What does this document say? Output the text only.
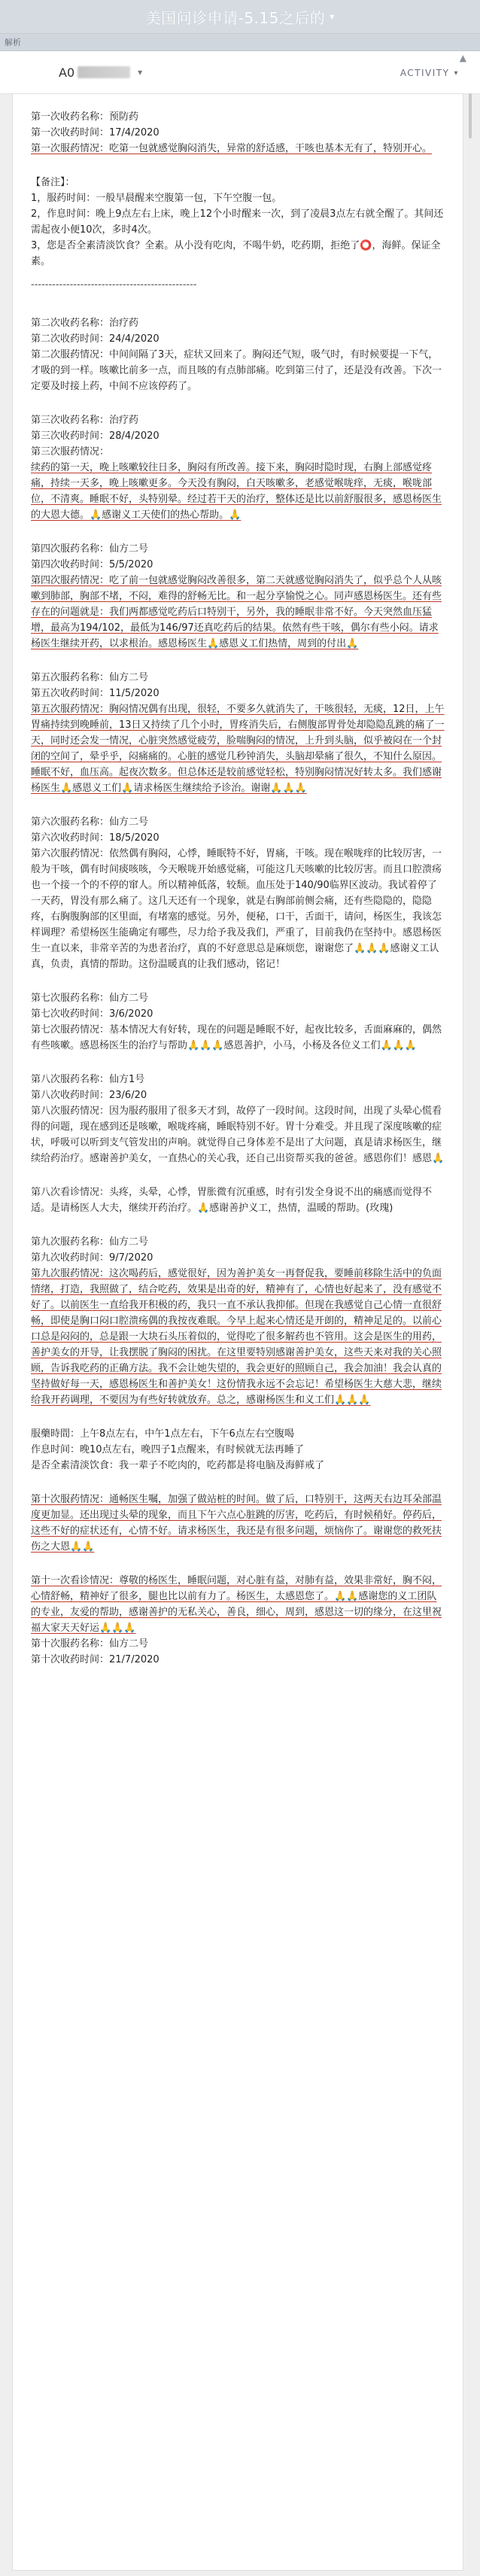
美国问诊申请-5.15之后的 ▾
解析
A0	▾
▲
ACTIVITY ▾
第一次收药名称：预防药
第一次收药时间：17/4/2020
第一次服药情况：吃第一包就感觉胸闷消失，异常的舒适感，干咳也基本无有了，特别开心。
【备注】：
1，服药时间：一般早晨醒来空腹第一包，下午空腹一包。
2，作息时间：晚上9点左右上床，晚上12个小时醒来一次，到了凌晨3点左右就全醒了。其间还需起夜小便10次，多时4次。
3，您是否全素清淡饮食？全素。从小没有吃肉，不喝牛奶，吃药期，拒绝了⭕，海鲜。保证全素。
-----------------------------------------------
第二次收药名称：治疗药
第二次收药时间：24/4/2020
第二次服药情况：中间间隔了3天，症状又回来了。胸闷还气短，吸气时，有时候要提一下气，才吸的到一样。咳嗽比前多一点，而且咳的有点肺部痛。吃到第三付了，还是没有改善。下次一定要及时接上药，中间不应该停药了。
第三次收药名称：治疗药
第三次收药时间：28/4/2020
第三次服药情况：
续药的第一天，晚上咳嗽较往日多，胸闷有所改善。接下来，胸闷时隐时现，右胸上部感觉疼痛，持续一天多，晚上咳嗽更多。今天没有胸闷，白天咳嗽多，老感觉喉咙痒，无痰，喉咙部位，不清爽。睡眠不好，头特别晕。经过若干天的治疗，整体还是比以前舒服很多，感恩杨医生的大恩大德。🙏感谢义工天使们的热心帮助。🙏
第四次服药名称：仙方二号
第四次收药时间：5/5/2020
第四次服药情况：吃了前一包就感觉胸闷改善很多，第二天就感觉胸闷消失了，似乎总个人从咳嗽到肺部，胸部不堵，不闷，难得的舒畅无比。和一起分享愉悦之心。同声感恩杨医生。还有些存在的问题就是：我们两都感觉吃药后口特别干，另外，我的睡眠非常不好。今天突然血压猛增，最高为194/102，最低为146/97还真吃药后的结果。依然有些干咳，偶尔有些小闷。请求杨医生继续开药，以求根治。感恩杨医生🙏感恩义工们热情，周到的付出🙏
第五次服药名称：仙方二号
第五次收药时间：11/5/2020
第五次服药情况：胸闷情况偶有出现，很轻，不要多久就消失了，干咳很轻，无痰，12日，上午胃痛持续到晚睡前，13日又持续了几个小时，胃疼消失后，右侧腹部胃骨处却隐隐乱跳的痛了一天，同时还会发一情况，心脏突然感觉疲劳，脸喘胸闷的情况，上升到头脑，似乎被闷在一个封闭的空间了，晕乎乎，闷痛痛的。心脏的感觉几秒钟消失，头脑却晕痛了很久，不知什么原因。睡眠不好，血压高。起夜次数多。但总体还是较前感觉轻松，特别胸闷情况好转太多。我们感谢杨医生🙏感恩义工们🙏请求杨医生继续给予诊治。谢谢🙏🙏🙏
第六次服药名称：仙方二号
第六次收药时间：18/5/2020
第六次服药情况：依然偶有胸闷，心悸，睡眠特不好，胃痛，干咳。现在喉咙痒的比较厉害，一般为干咳，偶有时间痰咳咳，今天喉咙开始感觉痛，可能这几天咳嗽的比较厉害。而且口腔溃疡也一个接一个的不停的窜人。所以精神低落，较颓。血压处于140/90临界区波动。我试着停了一天药，胃没有那么痛了。这几天还有一个现象，就是右胸部前侧会痛，还有些隐隐的，隐隐疼，右胸腹胸部的区里面，有堵塞的感觉。另外，便秘，口干，舌面干，请问，杨医生，我该怎样调理？希望杨医生能确定有哪些，尽力给予我及我们，严重了，目前我仍在坚持中。感恩杨医生一直以来，非常辛苦的为患者治疗，真的不好意思总是麻烦您，谢谢您了🙏🙏🙏感谢义工认真，负责，真情的帮助。这份温暖真的让我们感动，铭记！
第七次服药名称：仙方二号
第七次收药时间：3/6/2020
第七次服药情况：基本情况大有好转，现在的问题是睡眠不好，起夜比较多，舌面麻麻的，偶然有些咳嗽。感恩杨医生的治疗与帮助🙏🙏🙏感恩善护，小马，小杨及各位义工们🙏🙏🙏
第八次服药名称：仙方1号
第八次收药时间：23/6/20
第八次服药情况：因为服药服用了很多天才到，故停了一段时间。这段时间，出现了头晕心慌看得的问题，现在感到还是咳嗽，喉咙疼痛，睡眠特别不好。胃十分难受。并且现了深度咳嗽的症状，呼吸可以听到支气管发出的声响。就觉得自己身体差不是出了大问题，真是请求杨医生，继续给药治疗。感谢善护美女，一直热心的关心我，还自己出资帮买我的爸爸。感恩你们！感恩🙏
第八次看诊情况：头疼，头晕，心悸，胃胀微有沉重感，时有引发全身说不出的痛感而觉得不适。是请杨医人大夫，继续开药治疗。🙏感谢善护义工，热情，温暖的帮助。(玫瑰)
第九次服药名称：仙方二号
第九次收药时间：9/7/2020
第九次服药情况：这次喝药后，感觉很好，因为善护美女一再督促我，要睡前移除生活中的负面情绪，打造，我照做了，结合吃药，效果是出奇的好，精神有了，心情也好起来了，没有感觉不好了。以前医生一直给我开积极的药，我只一直不承认我抑郁。但现在我感觉自己心情一直很舒畅，即使是胸口闷口腔溃疡偶的我按夜难眠。今早上起来心情还是开朗的，精神足足的。以前心口总是闷闷的，总是跟一大块石头压着似的，觉得吃了很多解药也不管用。这会是医生的用药，善护美女的开导，让我摆脱了胸闷的困扰。在这里要特别感谢善护美女，这些天来对我的关心照顾，告诉我吃药的正确方法。我不会让她失望的，我会更好的照顾自己，我会加油！我会认真的坚持做好每一天，感恩杨医生和善护美女！这份情我永远不会忘记！希望杨医生大慈大悲，继续给我开药调理，不要因为有些好转就放弃。总之，感谢杨医生和义工们🙏🙏🙏
服藥時間：上午8点左右，中午1点左右，下午6点左右空腹喝
作息时间：晚10点左右，晚四子1点醒来，有时候就无法再睡了
是否全素清淡饮食：我一辈子不吃肉的，吃药都是将电脑及海鲜戒了
第十次服药情况：通畅医生嘱，加强了做站桩的时间。做了后，口特别干，这两天右边耳朵部温度更加显。还出现过头晕的现象，而且下午六点心脏跳的厉害，吃药后，有时候稍好。停药后，这些不好的症状还有，心情不好。请求杨医生，我还是有很多问题，烦恼你了。谢谢您的救死扶伤之大恩🙏🙏
第十一次看诊情况：尊敬的杨医生，睡眠问题，对心脏有益，对肺有益，效果非常好，胸不闷，心情舒畅，精神好了很多，腿也比以前有力了。杨医生，太感恩您了。🙏🙏感谢您的义工团队的专业，友爱的帮助，感谢善护的无私关心，善良，细心，周到，感恩这一切的缘分，在这里祝福大家天天好运🙏🙏🙏
第十次服药名称：仙方二号
第十次收药时间：21/7/2020
